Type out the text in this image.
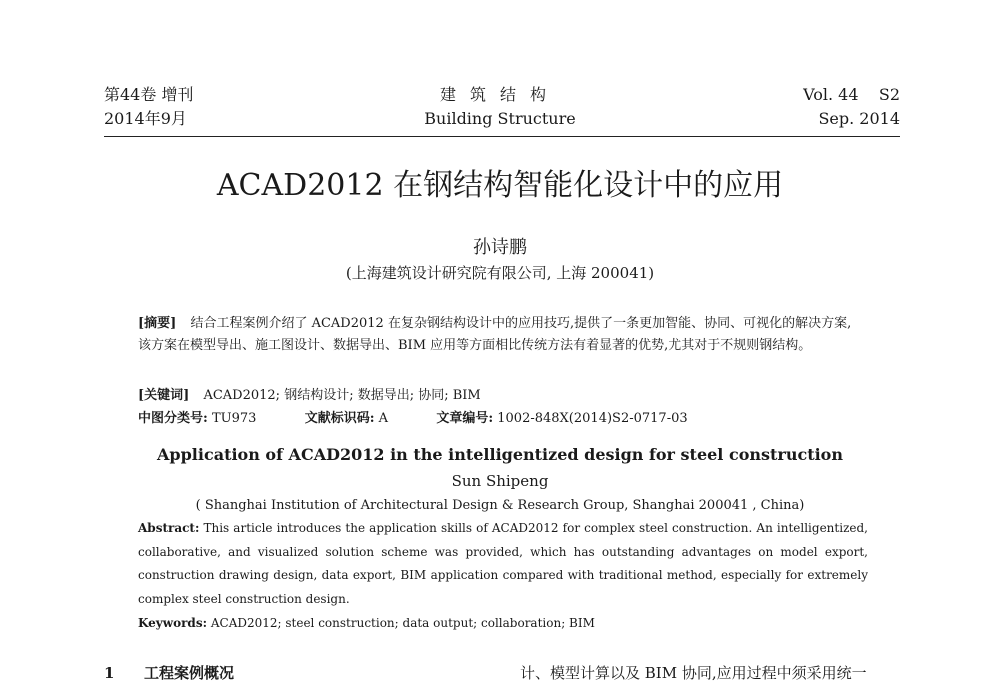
第44卷 增刊
2014年9月
建筑结构
Building Structure
Vol. 44    S2
Sep. 2014
ACAD2012 在钢结构智能化设计中的应用
孙诗鹏
(上海建筑设计研究院有限公司, 上海 200041)
[摘要] 结合工程案例介绍了 ACAD2012 在复杂钢结构设计中的应用技巧,提供了一条更加智能、协同、可视化的解决方案,该方案在模型导出、施工图设计、数据导出、BIM 应用等方面相比传统方法有着显著的优势,尤其对于不规则钢结构。
[关键词] ACAD2012; 钢结构设计; 数据导出; 协同; BIM
中图分类号: TU973	文献标识码: A	文章编号: 1002-848X(2014)S2-0717-03
Application of ACAD2012 in the intelligentized design for steel construction
Sun Shipeng
( Shanghai Institution of Architectural Design & Research Group, Shanghai 200041 , China)
Abstract: This article introduces the application skills of ACAD2012 for complex steel construction. An intelligentized,
collaborative, and visualized solution scheme was provided, which has outstanding advantages on model export,
construction drawing design, data export, BIM application compared with traditional method, especially for extremely
complex steel construction design.
Keywords: ACAD2012; steel construction; data output; collaboration; BIM
1 工程案例概况	计、模型计算以及 BIM 协同,应用过程中须采用统一
